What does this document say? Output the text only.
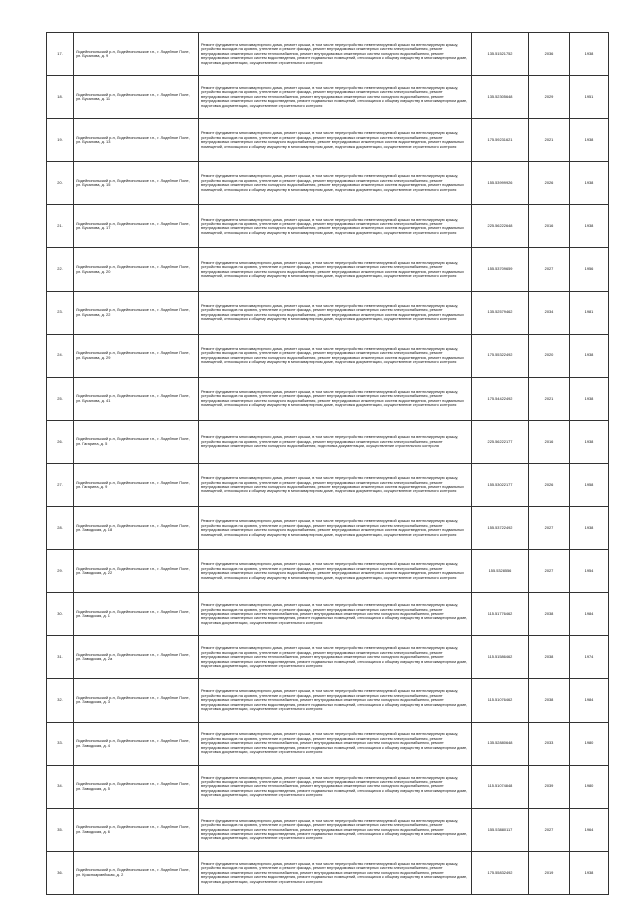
17.	Лодейнопольский р-н, Лодейнопольское г.п., г. Лодейное Поле,
ул. Бусалова, д. 9	Ремонт фундамента многоквартирного дома, ремонт крыши, в том числе переустройство невентилируемой крыши на вентилируемую крышу, устройство выходов на кровлю, утепление и ремонт фасада, ремонт внутридомовых инженерных систем электроснабжения, ремонт внутридомовых инженерных систем теплоснабжения, ремонт внутридомовых инженерных систем холодного водоснабжения, ремонт внутридомовых инженерных систем водоотведения, ремонт подвальных помещений, относящихся к общему имуществу в многоквартирном доме, подготовка документации, осуществление строительного контроля	135.51521752	2036	1938
18.	Лодейнопольский р-н, Лодейнопольское г.п., г. Лодейное Поле,
ул. Бусалова, д. 11	Ремонт фундамента многоквартирного дома, ремонт крыши, в том числе переустройство невентилируемой крыши на вентилируемую крышу, устройство выходов на кровлю, утепление и ремонт фасада, ремонт внутридомовых инженерных систем электроснабжения, ремонт внутридомовых инженерных систем теплоснабжения, ремонт внутридомовых инженерных систем холодного водоснабжения, ремонт внутридомовых инженерных систем водоотведения, ремонт подвальных помещений, относящихся к общему имуществу в многоквартирном доме, подготовка документации, осуществление строительного контроля	135.52305648	2029	1951
19.	Лодейнопольский р-н, Лодейнопольское г.п., г. Лодейное Поле,
ул. Бусалова, д. 13	Ремонт фундамента многоквартирного дома, ремонт крыши, в том числе переустройство невентилируемой крыши на вентилируемую крышу, устройство выходов на кровлю, утепление и ремонт фасада, ремонт внутридомовых инженерных систем электроснабжения, ремонт внутридомовых инженерных систем холодного водоснабжения, ремонт внутридомовых инженерных систем водоотведения, ремонт подвальных помещений, относящихся к общему имуществу в многоквартирном доме, подготовка документации, осуществление строительного контроля	175.59231621	2021	1938
20.	Лодейнопольский р-н, Лодейнопольское г.п., г. Лодейное Поле,
ул. Бусалова, д. 15	Ремонт фундамента многоквартирного дома, ремонт крыши, в том числе переустройство невентилируемой крыши на вентилируемую крышу, устройство выходов на кровлю, утепление и ремонт фасада, ремонт внутридомовых инженерных систем электроснабжения, ремонт внутридомовых инженерных систем холодного водоснабжения, ремонт внутридомовых инженерных систем водоотведения, ремонт подвальных помещений, относящихся к общему имуществу в многоквартирном доме, подготовка документации, осуществление строительного контроля	155.53999926	2026	1938
21.	Лодейнопольский р-н, Лодейнопольское г.п., г. Лодейное Поле,
ул. Бусалова, д. 17	Ремонт фундамента многоквартирного дома, ремонт крыши, в том числе переустройство невентилируемой крыши на вентилируемую крышу, устройство выходов на кровлю, утепление и ремонт фасада, ремонт внутридомовых инженерных систем электроснабжения, ремонт внутридомовых инженерных систем холодного водоснабжения, ремонт внутридомовых инженерных систем водоотведения, ремонт подвальных помещений, относящихся к общему имуществу в многоквартирном доме, подготовка документации, осуществление строительного контроля	225.56222648	2016	1938
22.	Лодейнопольский р-н, Лодейнопольское г.п., г. Лодейное Поле,
ул. Бусалова, д. 20	Ремонт фундамента многоквартирного дома, ремонт крыши, в том числе переустройство невентилируемой крыши на вентилируемую крышу, устройство выходов на кровлю, утепление и ремонт фасада, ремонт внутридомовых инженерных систем электроснабжения, ремонт внутридомовых инженерных систем холодного водоснабжения, ремонт внутридомовых инженерных систем водоотведения, ремонт подвальных помещений, относящихся к общему имуществу в многоквартирном доме, подготовка документации, осуществление строительного контроля	155.53709659	2027	1956
23.	Лодейнопольский р-н, Лодейнопольское г.п., г. Лодейное Поле,
ул. Бусалова, д. 22	Ремонт фундамента многоквартирного дома, ремонт крыши, в том числе переустройство невентилируемой крыши на вентилируемую крышу, устройство выходов на кровлю, утепление и ремонт фасада, ремонт внутридомовых инженерных систем электроснабжения, ремонт внутридомовых инженерных систем холодного водоснабжения, ремонт внутридомовых инженерных систем водоотведения, ремонт подвальных помещений, относящихся к общему имуществу в многоквартирном доме, подготовка документации, осуществление строительного контроля	135.52579462	2034	1981
24.	Лодейнопольский р-н, Лодейнопольское г.п., г. Лодейное Поле,
ул. Бусалова, д. 29	Ремонт фундамента многоквартирного дома, ремонт крыши, в том числе переустройство невентилируемой крыши на вентилируемую крышу, устройство выходов на кровлю, утепление и ремонт фасада, ремонт внутридомовых инженерных систем электроснабжения, ремонт внутридомовых инженерных систем холодного водоснабжения, ремонт внутридомовых инженерных систем водоотведения, ремонт подвальных помещений, относящихся к общему имуществу в многоквартирном доме, подготовка документации, осуществление строительного контроля	175.55322492	2020	1938
25.	Лодейнопольский р-н, Лодейнопольское г.п., г. Лодейное Поле,
ул. Бусалова, д. 41	Ремонт фундамента многоквартирного дома, ремонт крыши, в том числе переустройство невентилируемой крыши на вентилируемую крышу, устройство выходов на кровлю, утепление и ремонт фасада, ремонт внутридомовых инженерных систем электроснабжения, ремонт внутридомовых инженерных систем холодного водоснабжения, ремонт внутридомовых инженерных систем водоотведения, ремонт подвальных помещений, относящихся к общему имуществу в многоквартирном доме, подготовка документации, осуществление строительного контроля	175.54422492	2021	1938
26.	Лодейнопольский р-н, Лодейнопольское г.п., г. Лодейное Поле,
ул. Гагарина, д. 5	Ремонт фундамента многоквартирного дома, ремонт крыши, в том числе переустройство невентилируемой крыши на вентилируемую крышу, устройство выходов на кровлю, утепление и ремонт фасада, ремонт внутридомовых инженерных систем электроснабжения, ремонт внутридомовых инженерных систем холодного водоснабжения, подготовка документации, осуществление строительного контроля	225.56222177	2016	1938
27.	Лодейнопольский р-н, Лодейнопольское г.п., г. Лодейное Поле,
ул. Гагарина, д. 9	Ремонт фундамента многоквартирного дома, ремонт крыши, в том числе переустройство невентилируемой крыши на вентилируемую крышу, устройство выходов на кровлю, утепление и ремонт фасада, ремонт внутридомовых инженерных систем электроснабжения, ремонт внутридомовых инженерных систем холодного водоснабжения, ремонт внутридомовых инженерных систем водоотведения, ремонт подвальных помещений, относящихся к общему имуществу в многоквартирном доме, подготовка документации, осуществление строительного контроля	155.53022177	2026	1958
28.	Лодейнопольский р-н, Лодейнопольское г.п., г. Лодейное Поле,
ул. Заводская, д. 18	Ремонт фундамента многоквартирного дома, ремонт крыши, в том числе переустройство невентилируемой крыши на вентилируемую крышу, устройство выходов на кровлю, утепление и ремонт фасада, ремонт внутридомовых инженерных систем электроснабжения, ремонт внутридомовых инженерных систем холодного водоснабжения, ремонт внутридомовых инженерных систем водоотведения, ремонт подвальных помещений, относящихся к общему имуществу в многоквартирном доме, подготовка документации, осуществление строительного контроля	155.53722492	2027	1938
29.	Лодейнопольский р-н, Лодейнопольское г.п., г. Лодейное Поле,
ул. Заводская, д. 22	Ремонт фундамента многоквартирного дома, ремонт крыши, в том числе переустройство невентилируемой крыши на вентилируемую крышу, устройство выходов на кровлю, утепление и ремонт фасада, ремонт внутридомовых инженерных систем электроснабжения, ремонт внутридомовых инженерных систем холодного водоснабжения, ремонт внутридомовых инженерных систем водоотведения, ремонт подвальных помещений, относящихся к общему имуществу в многоквартирном доме, подготовка документации, осуществление строительного контроля	155.5328556	2027	1954
30.	Лодейнопольский р-н, Лодейнопольское г.п., г. Лодейное Поле,
ул. Заводская, д. 1	Ремонт фундамента многоквартирного дома, ремонт крыши, в том числе переустройство невентилируемой крыши на вентилируемую крышу, устройство выходов на кровлю, утепление и ремонт фасада, ремонт внутридомовых инженерных систем электроснабжения, ремонт внутридомовых инженерных систем теплоснабжения, ремонт внутридомовых инженерных систем холодного водоснабжения, ремонт внутридомовых инженерных систем водоотведения, ремонт подвальных помещений, относящихся к общему имуществу в многоквартирном доме, подготовка документации, осуществление строительного контроля	115.51776462	2038	1984
31.	Лодейнопольский р-н, Лодейнопольское г.п., г. Лодейное Поле,
ул. Заводская, д. 2а	Ремонт фундамента многоквартирного дома, ремонт крыши, в том числе переустройство невентилируемой крыши на вентилируемую крышу, устройство выходов на кровлю, утепление и ремонт фасада, ремонт внутридомовых инженерных систем электроснабжения, ремонт внутридомовых инженерных систем теплоснабжения, ремонт внутридомовых инженерных систем холодного водоснабжения, ремонт внутридомовых инженерных систем водоотведения, ремонт подвальных помещений, относящихся к общему имуществу в многоквартирном доме, подготовка документации, осуществление строительного контроля	115.51586462	2038	1974
32.	Лодейнопольский р-н, Лодейнопольское г.п., г. Лодейное Поле,
ул. Заводская, д. 3	Ремонт фундамента многоквартирного дома, ремонт крыши, в том числе переустройство невентилируемой крыши на вентилируемую крышу, устройство выходов на кровлю, утепление и ремонт фасада, ремонт внутридомовых инженерных систем электроснабжения, ремонт внутридомовых инженерных систем теплоснабжения, ремонт внутридомовых инженерных систем холодного водоснабжения, ремонт внутридомовых инженерных систем водоотведения, ремонт подвальных помещений, относящихся к общему имуществу в многоквартирном доме, подготовка документации, осуществление строительного контроля	115.51076462	2038	1984
33.	Лодейнопольский р-н, Лодейнопольское г.п., г. Лодейное Поле,
ул. Заводская, д. 4	Ремонт фундамента многоквартирного дома, ремонт крыши, в том числе переустройство невентилируемой крыши на вентилируемую крышу, устройство выходов на кровлю, утепление и ремонт фасада, ремонт внутридомовых инженерных систем электроснабжения, ремонт внутридомовых инженерных систем теплоснабжения, ремонт внутридомовых инженерных систем холодного водоснабжения, ремонт внутридомовых инженерных систем водоотведения, ремонт подвальных помещений, относящихся к общему имуществу в многоквартирном доме, подготовка документации, осуществление строительного контроля	135.52880648	2033	1980
34.	Лодейнопольский р-н, Лодейнопольское г.п., г. Лодейное Поле,
ул. Заводская, д. 5	Ремонт фундамента многоквартирного дома, ремонт крыши, в том числе переустройство невентилируемой крыши на вентилируемую крышу, устройство выходов на кровлю, утепление и ремонт фасада, ремонт внутридомовых инженерных систем электроснабжения, ремонт внутридомовых инженерных систем теплоснабжения, ремонт внутридомовых инженерных систем холодного водоснабжения, ремонт внутридомовых инженерных систем водоотведения, ремонт подвальных помещений, относящихся к общему имуществу в многоквартирном доме, подготовка документации, осуществление строительного контроля	115.51074848	2039	1980
35.	Лодейнопольский р-н, Лодейнопольское г.п., г. Лодейное Поле,
ул. Заводская, д. 6	Ремонт фундамента многоквартирного дома, ремонт крыши, в том числе переустройство невентилируемой крыши на вентилируемую крышу, устройство выходов на кровлю, утепление и ремонт фасада, ремонт внутридомовых инженерных систем электроснабжения, ремонт внутридомовых инженерных систем теплоснабжения, ремонт внутридомовых инженерных систем холодного водоснабжения, ремонт внутридомовых инженерных систем водоотведения, ремонт подвальных помещений, относящихся к общему имуществу в многоквартирном доме, подготовка документации, осуществление строительного контроля	155.53880117	2027	1964
36.	Лодейнопольский р-н, Лодейнопольское г.п., г. Лодейное Поле,
ул. Красноармейская, д. 2	Ремонт фундамента многоквартирного дома, ремонт крыши, в том числе переустройство невентилируемой крыши на вентилируемую крышу, устройство выходов на кровлю, утепление и ремонт фасада, ремонт внутридомовых инженерных систем электроснабжения, ремонт внутридомовых инженерных систем теплоснабжения, ремонт внутридомовых инженерных систем холодного водоснабжения, ремонт внутридомовых инженерных систем водоотведения, ремонт подвальных помещений, относящихся к общему имуществу в многоквартирном доме, подготовка документации, осуществление строительного контроля	175.55832492	2019	1938
